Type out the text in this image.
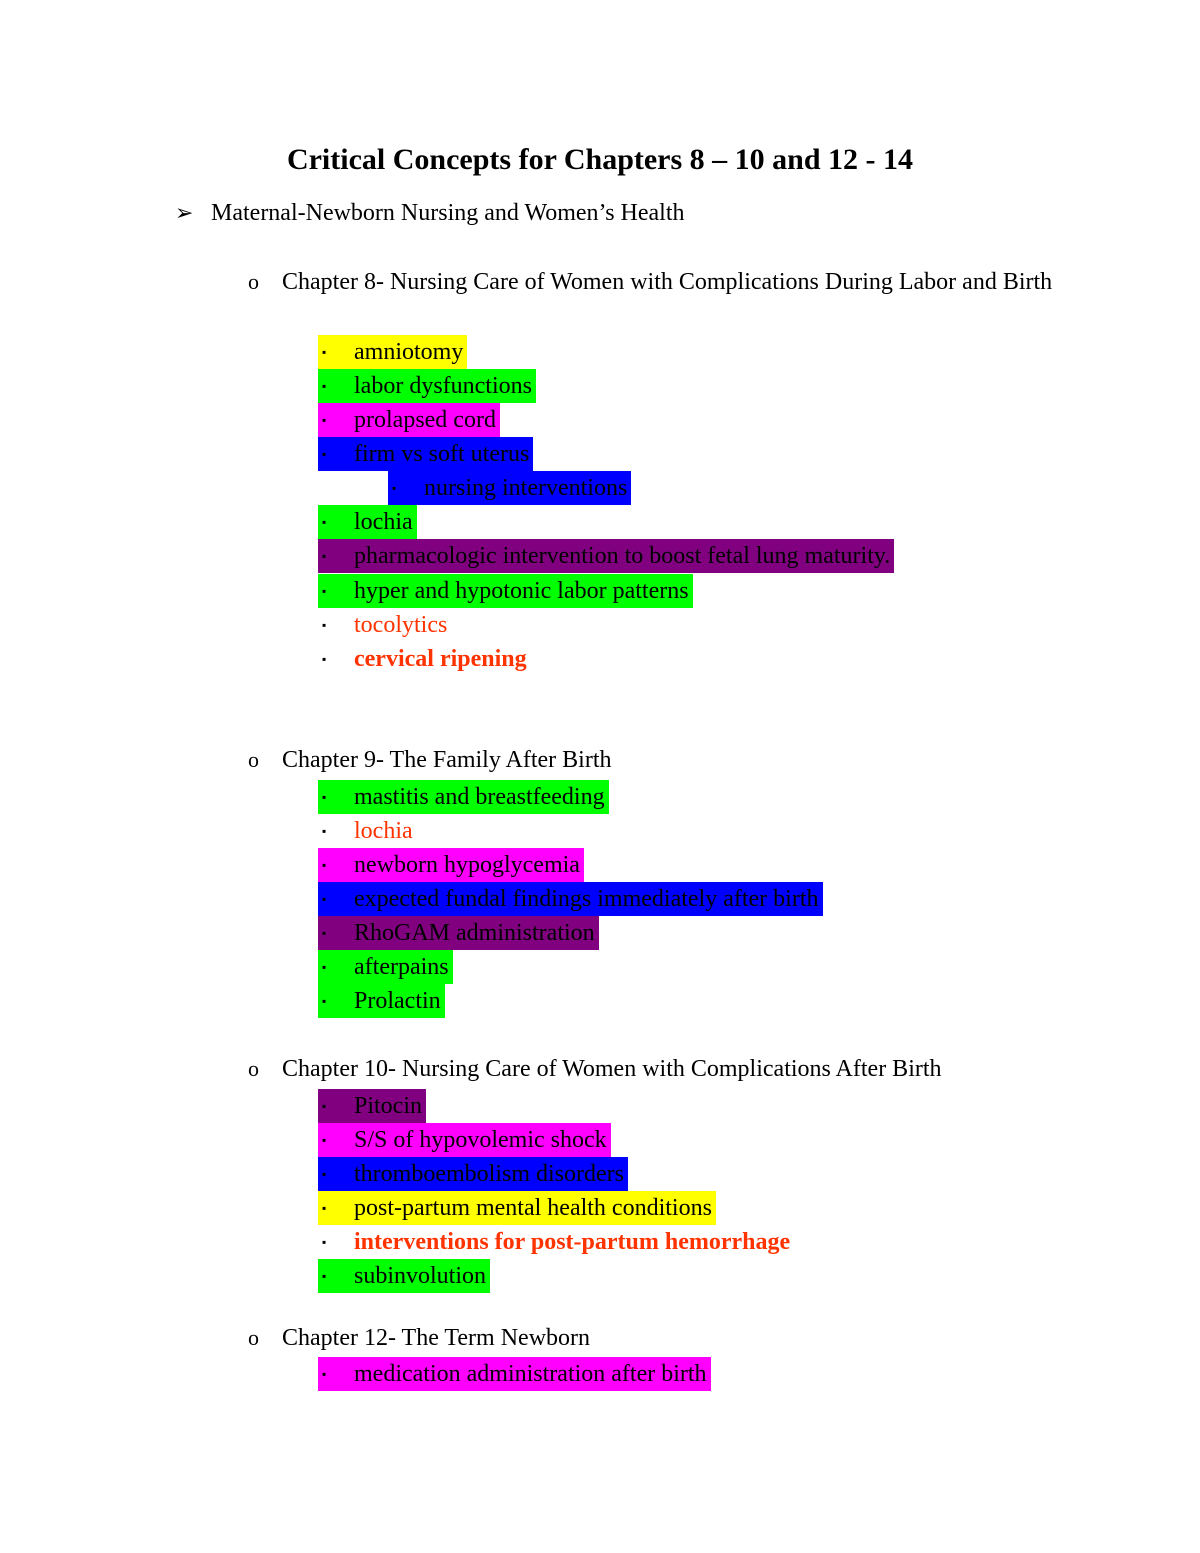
Critical Concepts for Chapters 8 – 10 and 12 - 14
➢ Maternal-Newborn Nursing and Women’s Health
o Chapter 8- Nursing Care of Women with Complications During Labor and Birth
▪ amniotomy
▪ labor dysfunctions
▪ prolapsed cord
▪ firm vs soft uterus
▪ nursing interventions
▪ lochia
▪ pharmacologic intervention to boost fetal lung maturity.
▪ hyper and hypotonic labor patterns
▪ tocolytics
▪ cervical ripening
o Chapter 9- The Family After Birth
▪ mastitis and breastfeeding
▪ lochia
▪ newborn hypoglycemia
▪ expected fundal findings immediately after birth
▪ RhoGAM administration
▪ afterpains
▪ Prolactin
o Chapter 10- Nursing Care of Women with Complications After Birth
▪ Pitocin
▪ S/S of hypovolemic shock
▪ thromboembolism disorders
▪ post-partum mental health conditions
▪ interventions for post-partum hemorrhage
▪ subinvolution
o Chapter 12- The Term Newborn
▪ medication administration after birth
